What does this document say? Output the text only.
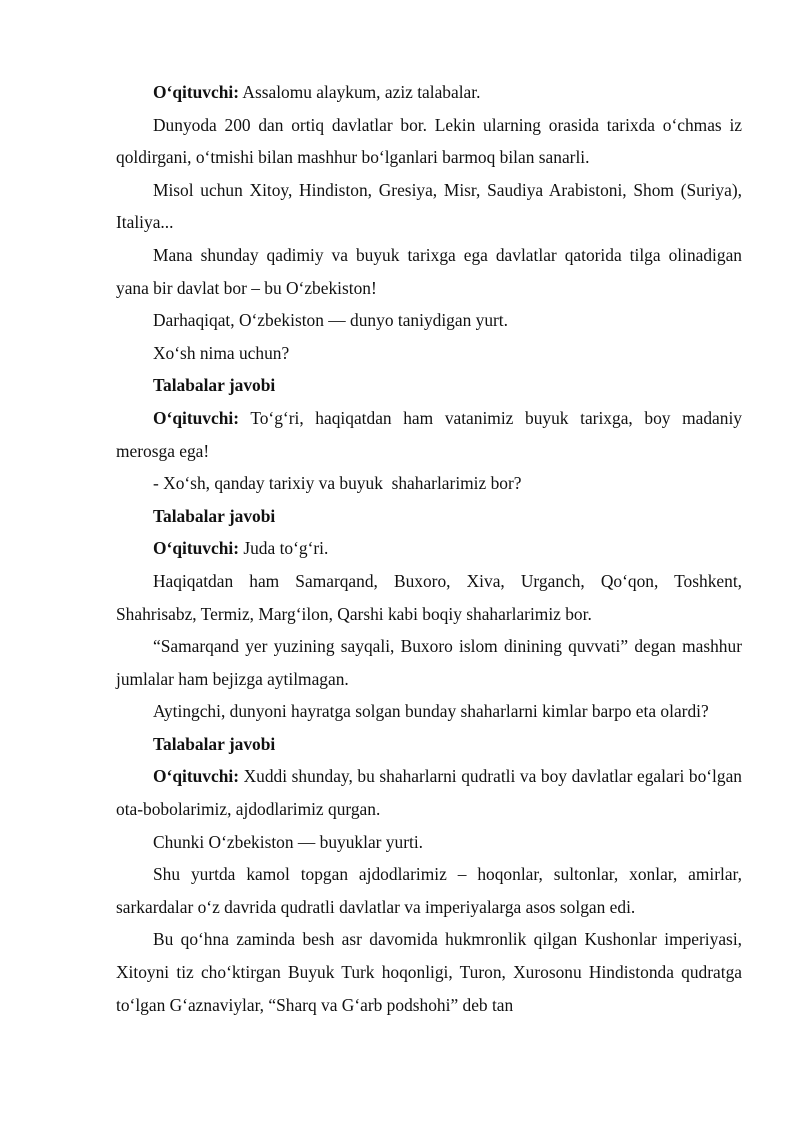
O‘qituvchi: Assalomu alaykum, aziz talabalar.

Dunyoda 200 dan ortiq davlatlar bor. Lekin ularning orasida tarixda o‘chmas iz qoldirgani, o‘tmishi bilan mashhur bo‘lganlari barmoq bilan sanarli.

Misol uchun Xitoy, Hindiston, Gresiya, Misr, Saudiya Arabistoni, Shom (Suriya), Italiya...

Mana shunday qadimiy va buyuk tarixga ega davlatlar qatorida tilga olinadigan yana bir davlat bor – bu O‘zbekiston!

Darhaqiqat, O‘zbekiston — dunyo taniydigan yurt.

Xo‘sh nima uchun?

Talabalar javobi

O‘qituvchi: To‘g‘ri, haqiqatdan ham vatanimiz buyuk tarixga, boy madaniy merosga ega!

- Xo‘sh, qanday tarixiy va buyuk  shaharlarimiz bor?

Talabalar javobi

O‘qituvchi: Juda to‘g‘ri.

Haqiqatdan ham Samarqand, Buxoro, Xiva, Urganch, Qo‘qon, Toshkent, Shahrisabz, Termiz, Marg‘ilon, Qarshi kabi boqiy shaharlarimiz bor.

“Samarqand yer yuzining sayqali, Buxoro islom dinining quvvati” degan mashhur jumlalar ham bejizga aytilmagan.

Aytingchi, dunyoni hayratga solgan bunday shaharlarni kimlar barpo eta olardi?

Talabalar javobi

O‘qituvchi: Xuddi shunday, bu shaharlarni qudratli va boy davlatlar egalari bo‘lgan ota-bobolarimiz, ajdodlarimiz qurgan.

Chunki O‘zbekiston — buyuklar yurti.

Shu yurtda kamol topgan ajdodlarimiz – hoqonlar, sultonlar, xonlar, amirlar, sarkardalar o‘z davrida qudratli davlatlar va imperiyalarga asos solgan edi.

Bu qo‘hna zaminda besh asr davomida hukmronlik qilgan Kushonlar imperiyasi, Xitoyni tiz cho‘ktirgan Buyuk Turk hoqonligi, Turon, Xurosonu Hindistonda qudratga to‘lgan G‘aznaviylar, “Sharq va G‘arb podshohi” deb tan
